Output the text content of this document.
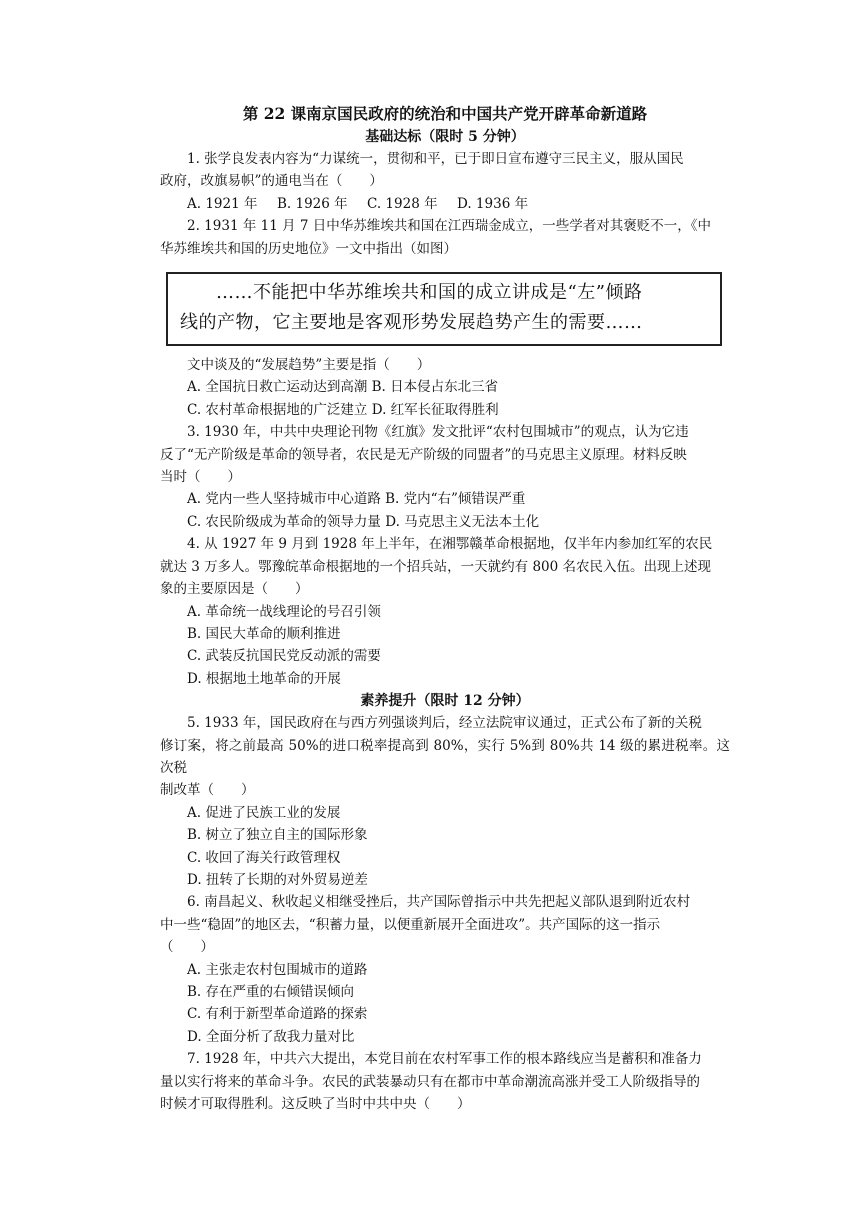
第 22 课南京国民政府的统治和中国共产党开辟革命新道路
基础达标（限时 5 分钟）

1. 张学良发表内容为“力谋统一，贯彻和平，已于即日宣布遵守三民主义，服从国民

政府，改旗易帜”的通电当在（　　）

A. 1921 年	B. 1926 年	C. 1928 年	D. 1936 年

2. 1931 年 11 月 7 日中华苏维埃共和国在江西瑞金成立，一些学者对其褒贬不一，《中

华苏维埃共和国的历史地位》一文中指出（如图）

……不能把中华苏维埃共和国的成立讲成是“左”倾路
线的产物，它主要地是客观形势发展趋势产生的需要……

文中谈及的“发展趋势”主要是指（　　）

A. 全国抗日救亡运动达到高潮 B. 日本侵占东北三省
C. 农村革命根据地的广泛建立 D. 红军长征取得胜利

3. 1930 年，中共中央理论刊物《红旗》发文批评“农村包围城市”的观点，认为它违

反了“无产阶级是革命的领导者，农民是无产阶级的同盟者”的马克思主义原理。材料反映

当时（　　）

A. 党内一些人坚持城市中心道路 B. 党内“右”倾错误严重
C. 农民阶级成为革命的领导力量 D. 马克思主义无法本土化

4. 从 1927 年 9 月到 1928 年上半年，在湘鄂赣革命根据地，仅半年内参加红军的农民

就达 3 万多人。鄂豫皖革命根据地的一个招兵站，一天就约有 800 名农民入伍。出现上述现

象的主要原因是（　　）

A. 革命统一战线理论的号召引领
B. 国民大革命的顺利推进
C. 武装反抗国民党反动派的需要
D. 根据地土地革命的开展
素养提升（限时 12 分钟）

5. 1933 年，国民政府在与西方列强谈判后，经立法院审议通过，正式公布了新的关税

修订案，将之前最高 50%的进口税率提高到 80%，实行 5%到 80%共 14 级的累进税率。这次税

制改革（　　）

A. 促进了民族工业的发展
B. 树立了独立自主的国际形象
C. 收回了海关行政管理权
D. 扭转了长期的对外贸易逆差

6. 南昌起义、秋收起义相继受挫后，共产国际曾指示中共先把起义部队退到附近农村

中一些“稳固”的地区去，“积蓄力量，以便重新展开全面进攻”。共产国际的这一指示

（　　）

A. 主张走农村包围城市的道路
B. 存在严重的右倾错误倾向
C. 有利于新型革命道路的探索
D. 全面分析了敌我力量对比

7. 1928 年，中共六大提出，本党目前在农村军事工作的根本路线应当是蓄积和准备力

量以实行将来的革命斗争。农民的武装暴动只有在都市中革命潮流高涨并受工人阶级指导的

时候才可取得胜利。这反映了当时中共中央（　　）
